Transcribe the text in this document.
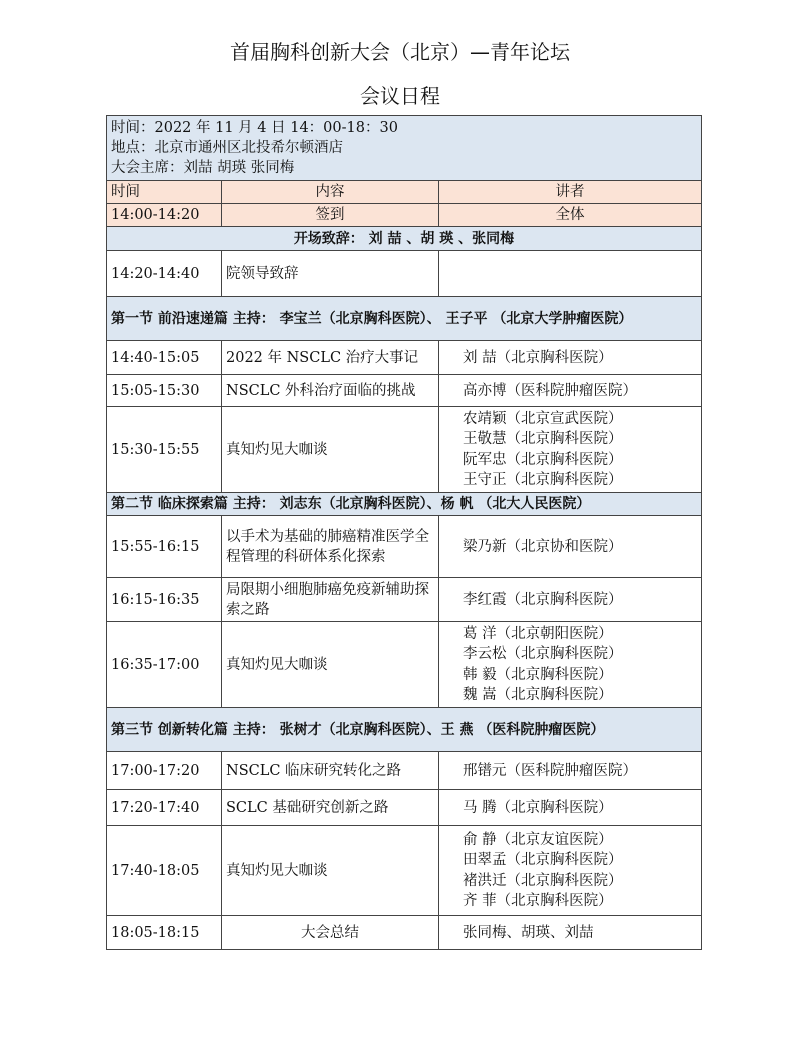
首届胸科创新大会（北京）—青年论坛
会议日程
时间：2022 年 11 月 4 日 14：00-18：30
地点：北京市通州区北投希尔顿酒店
大会主席：刘喆 胡瑛 张同梅		

时间	内容	讲者
14:00-14:20	签到	全体
开场致辞： 刘 喆 、胡 瑛 、张同梅		
14:20-14:40	院领导致辞	
第一节 前沿速递篇 主持： 李宝兰（北京胸科医院）、 王子平 （北京大学肿瘤医院）		
14:40-15:05	2022 年 NSCLC 治疗大事记	刘 喆（北京胸科医院）
15:05-15:30	NSCLC 外科治疗面临的挑战	高亦博（医科院肿瘤医院）
15:30-15:55	真知灼见大咖谈	农靖颖（北京宣武医院）
王敬慧（北京胸科医院）
阮军忠（北京胸科医院）
王守正（北京胸科医院）

第二节 临床探索篇 主持： 刘志东（北京胸科医院）、杨 帆 （北大人民医院）		
15:55-16:15	以手术为基础的肺癌精准医学全程管理的科研体系化探索	梁乃新（北京协和医院）
16:15-16:35	局限期小细胞肺癌免疫新辅助探索之路	李红霞（北京胸科医院）
16:35-17:00	真知灼见大咖谈	葛 洋（北京朝阳医院）
李云松（北京胸科医院）
韩 毅（北京胸科医院）
魏 嵩（北京胸科医院）

第三节 创新转化篇 主持： 张树才（北京胸科医院）、王 燕 （医科院肿瘤医院）		
17:00-17:20	NSCLC 临床研究转化之路	邢镨元（医科院肿瘤医院）
17:20-17:40	SCLC 基础研究创新之路	马 腾（北京胸科医院）
17:40-18:05	真知灼见大咖谈	俞 静（北京友谊医院）
田翠孟（北京胸科医院）
褚洪迁（北京胸科医院）
齐 菲（北京胸科医院）

18:05-18:15	大会总结	张同梅、胡瑛、刘喆
